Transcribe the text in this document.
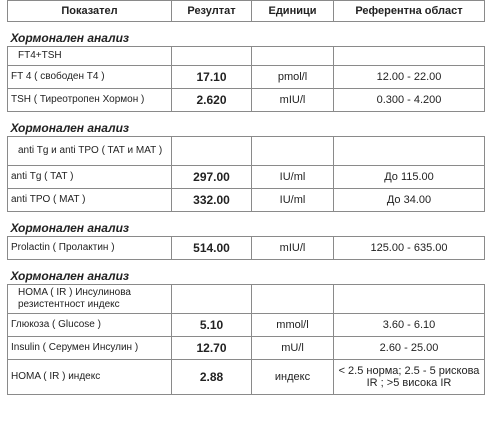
Показател	Резултат	Единици	Референтна област
Хормонален анализ			
FT4+TSH			
FT 4 ( свободен T4 )	17.10	pmol/l	12.00 - 22.00
TSH ( Тиреотропен Хормон )	2.620	mIU/l	0.300 - 4.200
Хормонален анализ			
anti Tg и anti TPO ( TAT и MAT )			
anti Tg ( TAT )	297.00	IU/ml	До 115.00
anti TPO ( MAT )	332.00	IU/ml	До 34.00
Хормонален анализ			
Prolactin ( Пролактин )	514.00	mIU/l	125.00 - 635.00
Хормонален анализ			
HOMA ( IR ) Инсулинова резистентност индекс			
Глюкоза ( Glucose )	5.10	mmol/l	3.60 - 6.10
Insulin ( Серумен Инсулин )	12.70	mU/l	2.60 - 25.00
HOMA ( IR ) индекс	2.88	индекс	< 2.5 норма; 2.5 - 5 рискова IR ; >5 висока IR
